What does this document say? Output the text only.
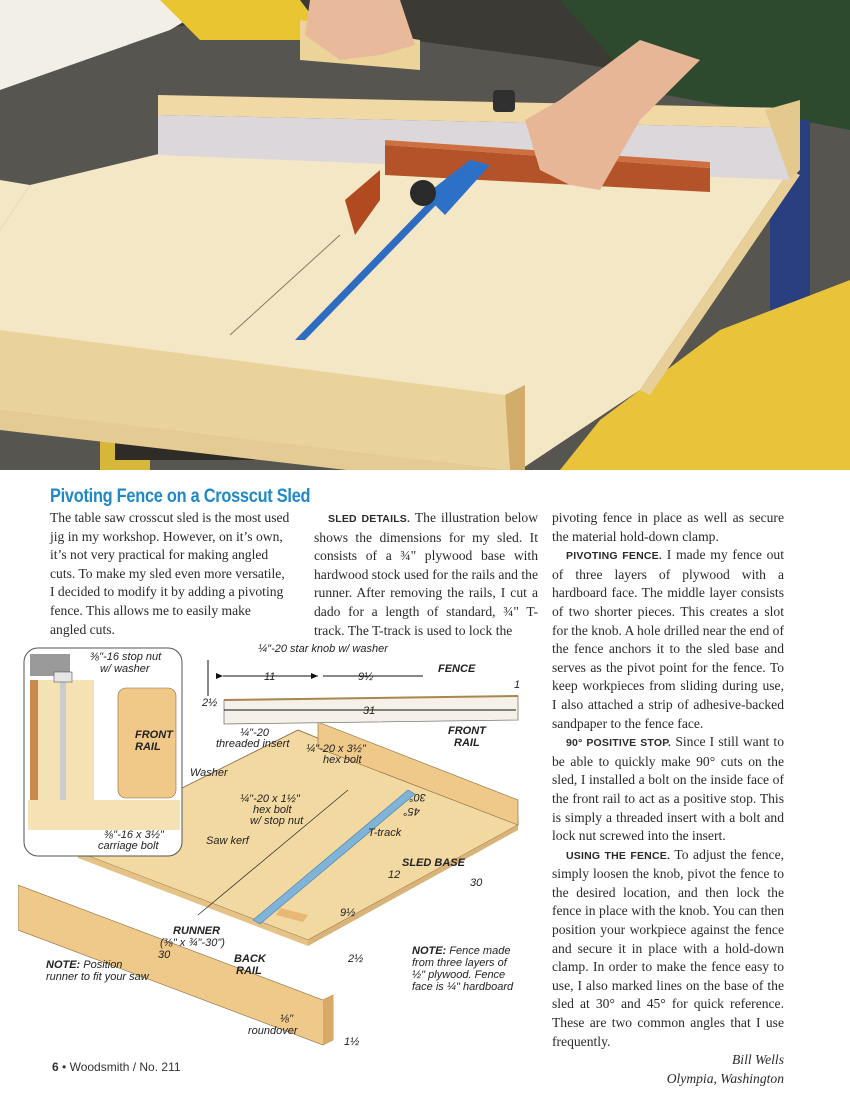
Pivoting Fence on a Crosscut Sled

The table saw crosscut sled is the most used jig in my workshop. However, on it’s own, it’s not very practical for making angled cuts. To make my sled even more versatile, I decided to modify it by adding a pivoting fence. This allows me to easily make angled cuts.

SLED DETAILS. The illustration below shows the dimensions for my sled. It consists of a ¾" plywood base with hardwood stock used for the rails and the runner. After removing the rails, I cut a dado for a length of standard, ¾" T-track. The T-track is used to lock the

pivoting fence in place as well as secure the material hold-down clamp.

PIVOTING FENCE. I made my fence out of three layers of plywood with a hardboard face. The middle layer consists of two shorter pieces. This creates a slot for the knob. A hole drilled near the end of the fence anchors it to the sled base and serves as the pivot point for the fence. To keep workpieces from sliding during use, I also attached a strip of adhesive-backed sandpaper to the fence face.

90° POSITIVE STOP. Since I still want to be able to quickly make 90° cuts on the sled, I installed a bolt on the inside face of the front rail to act as a positive stop. This is simply a threaded insert with a bolt and lock nut screwed into the insert.

USING THE FENCE. To adjust the fence, simply loosen the knob, pivot the fence to the desired location, and then lock the fence in place with the knob. You can then position your workpiece against the fence and secure it in place with a hold-down clamp. In order to make the fence easy to use, I also marked lines on the base of the sled at 30° and 45° for quick reference. These are two common angles that I use frequently.

Bill Wells

Olympia, Washington

⅜"-16 stop nut
w/ washer
FRONT
RAIL
⅜"-16 x 3½"
carriage bolt
¼"-20 star knob w/ washer
FENCE
11	9½
1
2½
31
¼"-20
threaded insert
FRONT
RAIL
Washer
¼"-20 x 3½"
hex bolt
¼"-20 x 1½"
hex bolt
w/ stop nut
30°
45°
Saw kerf
T-track
SLED BASE
12
30
9½
RUNNER
(⅜" x ¾"-30")
30	BACK
RAIL
2½
⅛"
roundover
1½
NOTE: Position
runner to fit your saw
NOTE: Fence made
from three layers of
½" plywood. Fence
face is ¼" hardboard
6 • Woodsmith / No. 211
